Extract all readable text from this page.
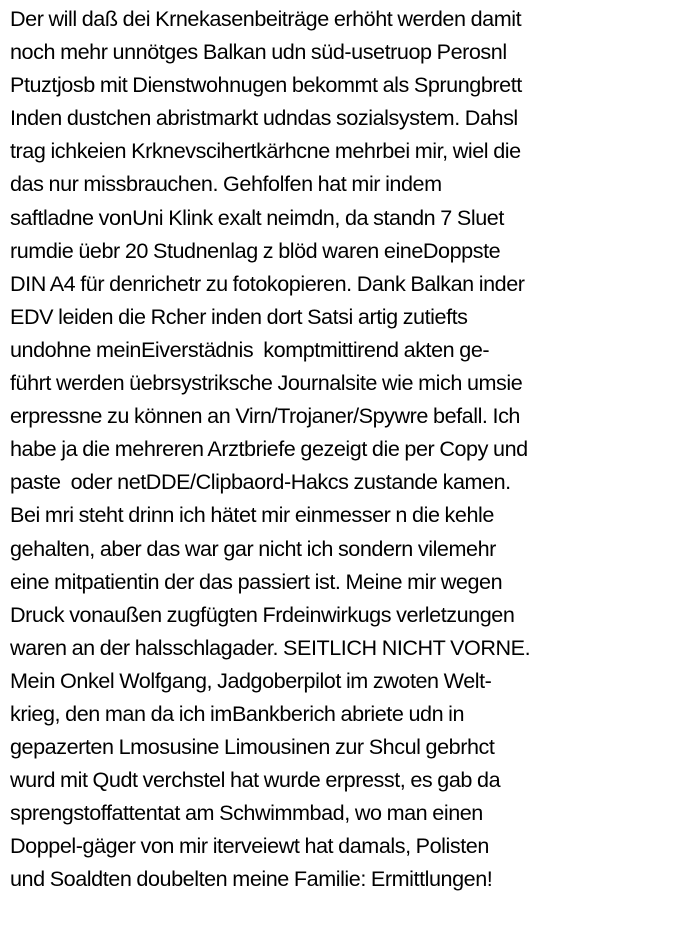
Der will daß dei Krnekasenbeiträge erhöht werden damit
noch mehr unnötges Balkan udn süd-usetruop Perosnl
Ptuztjosb mit Dienstwohnugen bekommt als Sprungbrett
Inden dustchen abristmarkt udndas sozialsystem. Dahsl
trag ichkeien Krknevscihertkärhcne mehrbei mir, wiel die
das nur missbrauchen. Gehfolfen hat mir indem
saftladne vonUni Klink exalt neimdn, da standn 7 Sluet
rumdie üebr 20 Studnenlag z blöd waren eineDoppste
DIN A4 für denrichetr zu fotokopieren. Dank Balkan inder
EDV leiden die Rcher inden dort Satsi artig zutiefts
undohne meinEiverstädnis  komptmittirend akten ge-
führt werden üebrsystriksche Journalsite wie mich umsie
erpressne zu können an Virn/Trojaner/Spywre befall. Ich
habe ja die mehreren Arztbriefe gezeigt die per Copy und
paste  oder netDDE/Clipbaord-Hakcs zustande kamen.
Bei mri steht drinn ich hätet mir einmesser n die kehle
gehalten, aber das war gar nicht ich sondern vilemehr
eine mitpatientin der das passiert ist. Meine mir wegen
Druck vonaußen zugfügten Frdeinwirkugs verletzungen
waren an der halsschlagader. SEITLICH NICHT VORNE.
Mein Onkel Wolfgang, Jadgoberpilot im zwoten Welt-
krieg, den man da ich imBankberich abriete udn in
gepazerten Lmosusine Limousinen zur Shcul gebrhct
wurd mit Qudt verchstel hat wurde erpresst, es gab da
sprengstoffattentat am Schwimmbad, wo man einen
Doppel-gäger von mir iterveiewt hat damals, Polisten
und Soaldten doubelten meine Familie: Ermittlungen!
